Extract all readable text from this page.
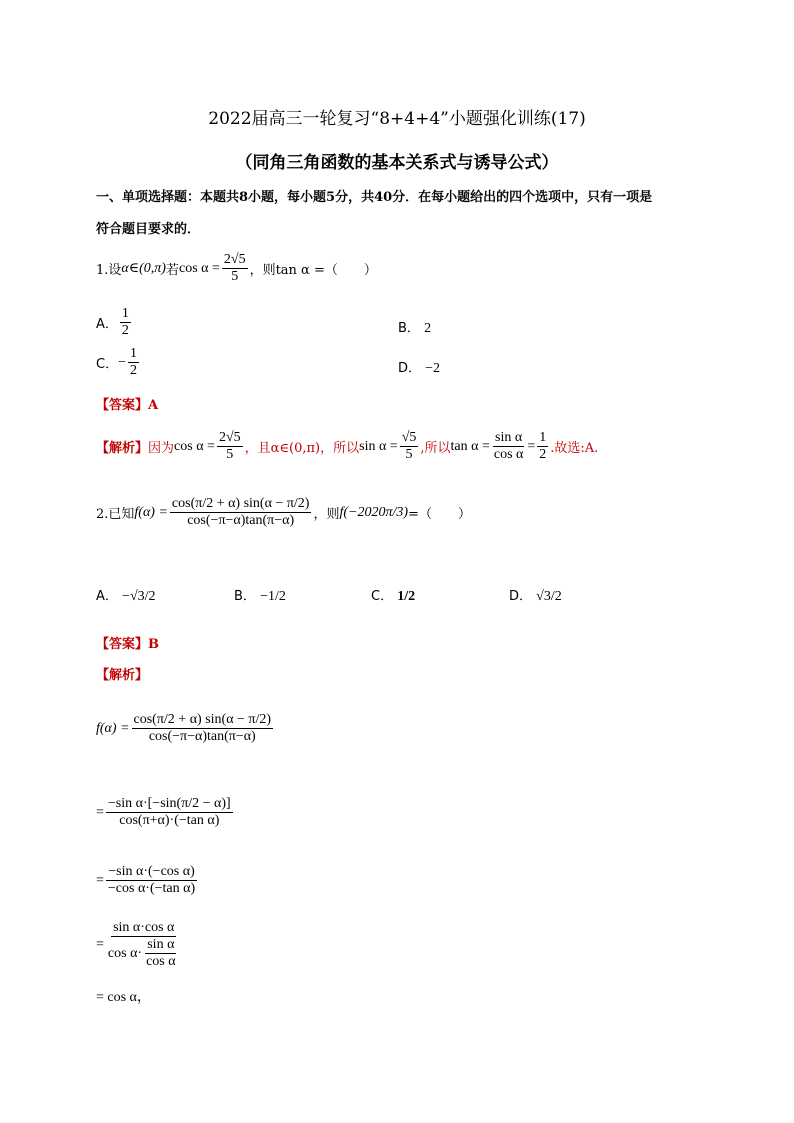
2022届高三一轮复习“8+4+4”小题强化训练(17)
（同角三角函数的基本关系式与诱导公式）
一、单项选择题：本题共8小题，每小题5分，共40分．在每小题给出的四个选项中，只有一项是
符合题目要求的．
1.设 α∈(0,π) 若 $\cos \alpha = \frac{2√5}{5}$ ，则tan α =（　　）
A． $\frac{1}{2}$	B． 2
C． − $\frac{1}{2}$	D． −2
【答案】A
【解析】 因为 $\cos \alpha = \frac{2√5}{5}$ ，且α∈(0,π)，所以 $\sin \alpha = \frac{√5}{5}$ ,所以 $\tan \alpha = \frac{\text{sin α}}{\text{cos α}} = \frac{1}{2}$ .故选:A.
2.已知 $f(\alpha) = \frac{\cos(\pi/2 + \alpha) \sin(\alpha - \pi/2)}{\cos(-\pi-\alpha)\tan(\pi-\alpha)}$ ，则 f(−2020π/3) =（　　）
A． −√3/2	B． −1/2	C． 1/2	D． √3/2
【答案】B
【解析】
$f(\alpha) = \frac{\cos(\pi/2 + \alpha) \sin(\alpha - \pi/2)}{\cos(-\pi-\alpha)\tan(\pi-\alpha)}$
= $\frac{\text{−sin α·[−sin(π/2 − α)]}}{\text{cos(π+α)·(−tan α)}}$
= $\frac{\text{−sin α·(−cos α)}}{\text{−cos α·(−tan α)}}$
= $\frac{\text{sin α·cos α}}{\cos \alpha\cdot \frac{\text{sin α}}{\text{cos α}}}$
= cos α，
